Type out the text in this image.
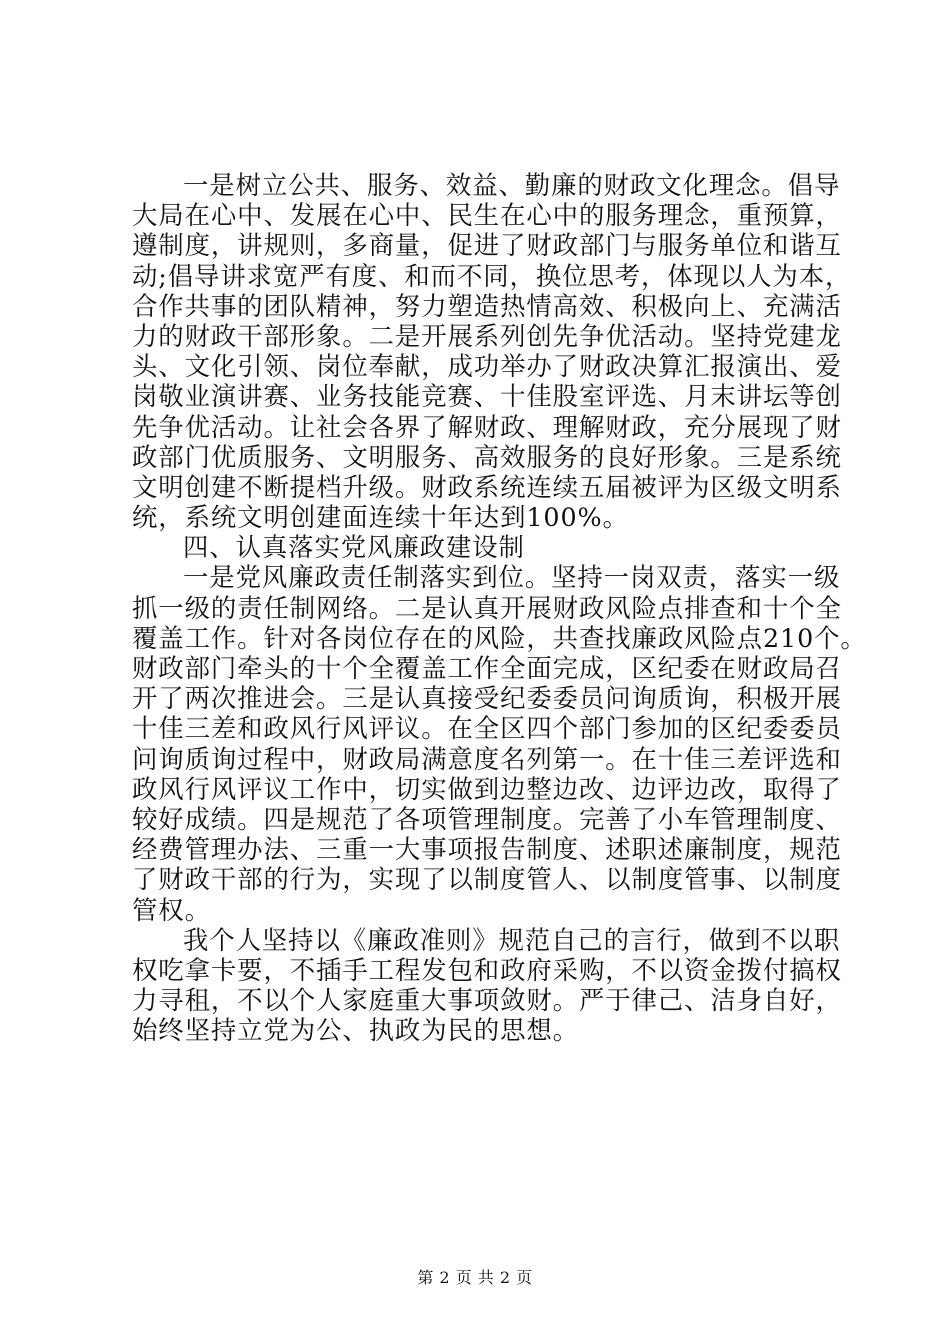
一是树立公共、服务、效益、勤廉的财政文化理念。倡导
大局在心中、发展在心中、民生在心中的服务理念，重预算，
遵制度，讲规则，多商量，促进了财政部门与服务单位和谐互
动;倡导讲求宽严有度、和而不同，换位思考，体现以人为本，
合作共事的团队精神，努力塑造热情高效、积极向上、充满活
力的财政干部形象。二是开展系列创先争优活动。坚持党建龙
头、文化引领、岗位奉献，成功举办了财政决算汇报演出、爱
岗敬业演讲赛、业务技能竞赛、十佳股室评选、月末讲坛等创
先争优活动。让社会各界了解财政、理解财政，充分展现了财
政部门优质服务、文明服务、高效服务的良好形象。三是系统
文明创建不断提档升级。财政系统连续五届被评为区级文明系
统，系统文明创建面连续十年达到100%。
四、认真落实党风廉政建设制
一是党风廉政责任制落实到位。坚持一岗双责，落实一级
抓一级的责任制网络。二是认真开展财政风险点排查和十个全
覆盖工作。针对各岗位存在的风险，共查找廉政风险点210个。
财政部门牵头的十个全覆盖工作全面完成，区纪委在财政局召
开了两次推进会。三是认真接受纪委委员问询质询，积极开展
十佳三差和政风行风评议。在全区四个部门参加的区纪委委员
问询质询过程中，财政局满意度名列第一。在十佳三差评选和
政风行风评议工作中，切实做到边整边改、边评边改，取得了
较好成绩。四是规范了各项管理制度。完善了小车管理制度、
经费管理办法、三重一大事项报告制度、述职述廉制度，规范
了财政干部的行为，实现了以制度管人、以制度管事、以制度
管权。
我个人坚持以《廉政准则》规范自己的言行，做到不以职
权吃拿卡要，不插手工程发包和政府采购，不以资金拨付搞权
力寻租，不以个人家庭重大事项敛财。严于律己、洁身自好，
始终坚持立党为公、执政为民的思想。
第 2 页 共 2 页
